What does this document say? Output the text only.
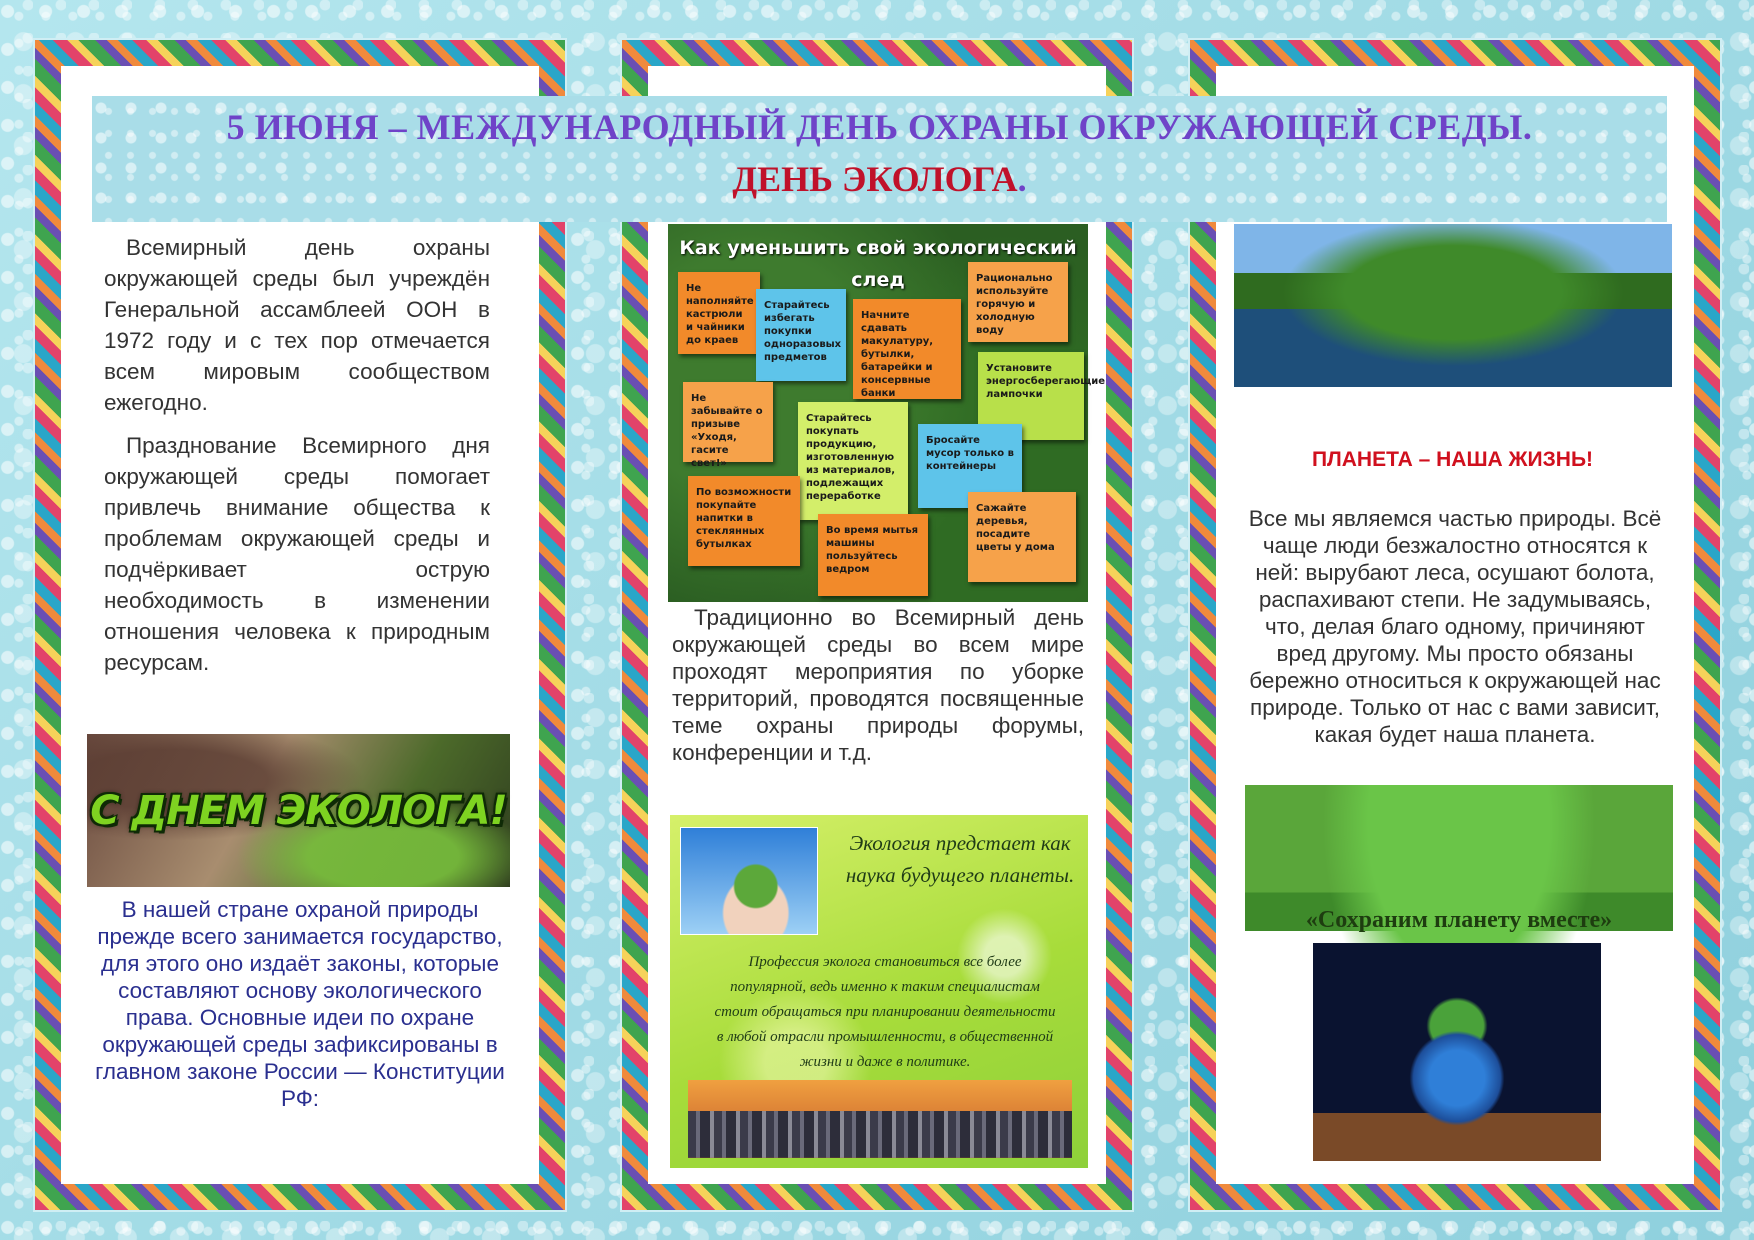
5 ИЮНЯ – МЕЖДУНАРОДНЫЙ ДЕНЬ ОХРАНЫ ОКРУЖАЮЩЕЙ СРЕДЫ.
ДЕНЬ ЭКОЛОГА.

Всемирный день охраны окружающей среды был учреждён Генеральной ассамблеей ООН в 1972 году и с тех пор отмечается всем мировым сообществом ежегодно.

Празднование Всемирного дня окружающей среды помогает привлечь внимание общества к проблемам окружающей среды и подчёркивает острую необходимость в изменении отношения человека к природным ресурсам.

С ДНЕМ ЭКОЛОГА!

В нашей стране охраной природы прежде всего занимается государство, для этого оно издаёт законы, которые составляют основу экологического права. Основные идеи по охране окружающей среды зафиксированы в главном законе России — Конституции РФ:

Как уменьшить свой экологический след
Не наполняйте кастрюли и чайники до краев
Старайтесь избегать покупки одноразовых предметов
Начните сдавать макулатуру, бутылки, батарейки и консервные банки
Рационально используйте горячую и холодную воду
Установите энергосберегающие лампочки
Не забывайте о призыве «Уходя, гасите свет!»
Старайтесь покупать продукцию, изготовленную из материалов, подлежащих переработке
Бросайте мусор только в контейнеры
По возможности покупайте напитки в стеклянных бутылках
Во время мытья машины пользуйтесь ведром
Сажайте деревья, посадите цветы у дома

Традиционно во Всемирный день окружающей среды во всем мире проходят мероприятия по уборке территорий, проводятся посвященные теме охраны природы форумы, конференции и т.д.

Экология предстает как наука будущего планеты.
Профессия эколога становиться все более популярной, ведь именно к таким специалистам стоит обращаться при планировании деятельности в любой отрасли промышленности, в общественной жизни и даже в политике.
ПЛАНЕТА – НАША ЖИЗНЬ!

Все мы являемся частью природы. Всё чаще люди безжалостно относятся к ней: вырубают леса, осушают болота, распахивают степи. Не задумываясь, что, делая благо одному, причиняют вред другому. Мы просто обязаны бережно относиться к окружающей нас природе. Только от нас с вами зависит, какая будет наша планета.

«Сохраним планету вместе»
